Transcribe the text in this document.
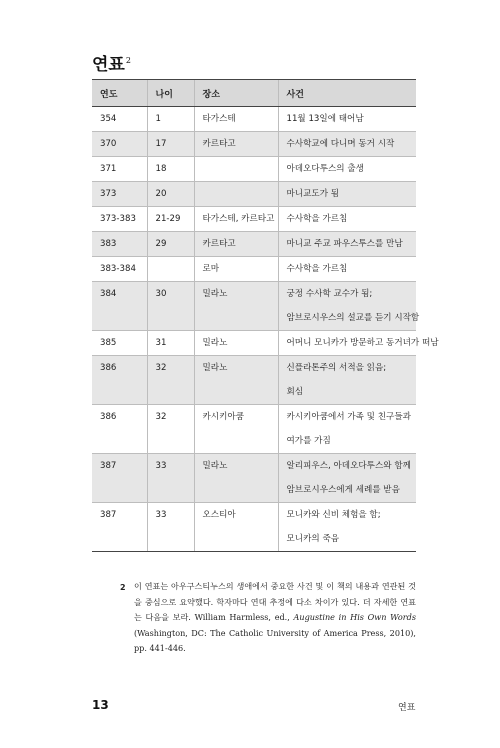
연표$^2$
연도	나이	장소	사건

354	1	타가스테	11월 13일에 태어남

370	17	카르타고	수사학교에 다니며 동거 시작

371	18		아데오다투스의 출생

373	20		마니교도가 됨

373-383	21-29	타가스테, 카르타고	수사학을 가르침

383	29	카르타고	마니교 주교 파우스투스를 만남

383-384		로마	수사학을 가르침

384	30	밀라노	궁정 수사학 교수가 됨;
암브로시우스의 설교를 듣기 시작함

385	31	밀라노	어머니 모니카가 방문하고 동거녀가 떠남

386	32	밀라노	신플라톤주의 서적을 읽음;
회심

386	32	카시키아쿰	카시키아쿰에서 가족 및 친구들과
여가를 가짐

387	33	밀라노	알리피우스, 아데오다투스와 함께
암브로시우스에게 세례를 받음

387	33	오스티아	모니카와 신비 체험을 함;
모니카의 죽음
2 이 연표는 아우구스티누스의 생애에서 중요한 사건 및 이 책의 내용과 연관된 것을 중심으로 요약했다. 학자마다 연대 추정에 다소 차이가 있다. 더 자세한 연표는 다음을 보라. William Harmless, ed., Augustine in His Own Words (Washington, DC: The Catholic University of America Press, 2010), pp. 441-446.
13	연표
